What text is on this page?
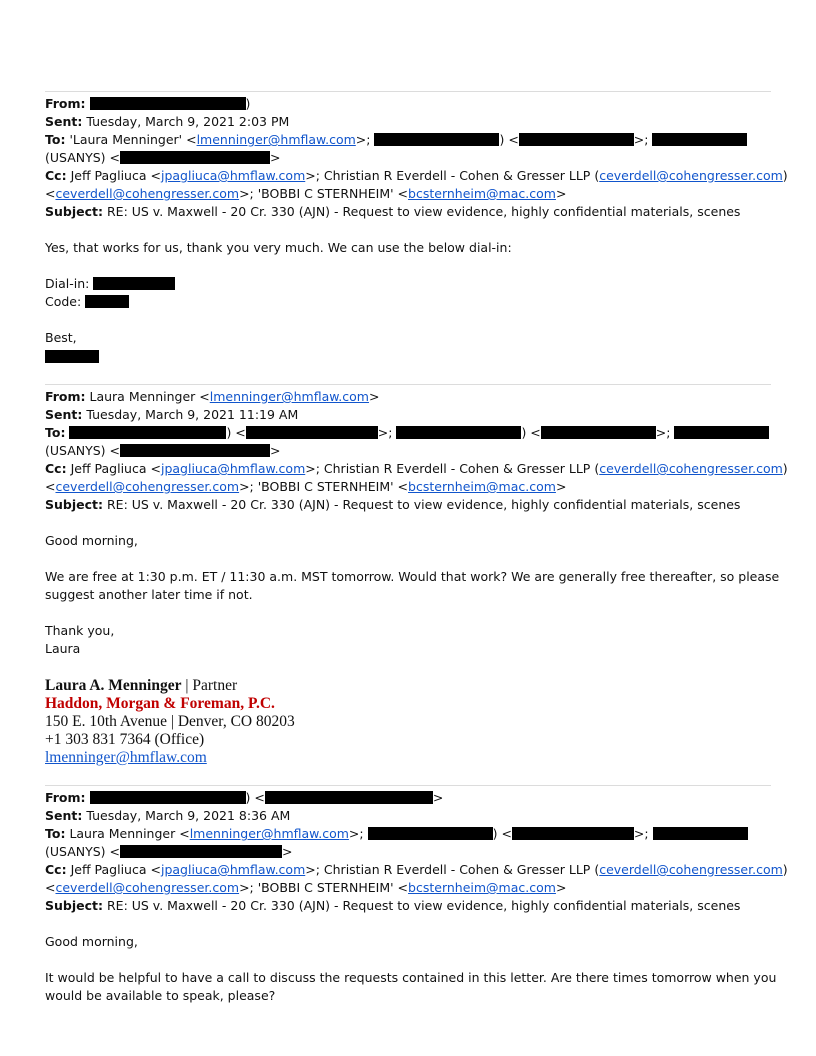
From:	)
Sent: Tuesday, March 9, 2021 2:03 PM
To: 'Laura Menninger' <lmenninger@hmflaw.com>;	) <	>;
(USANYS) <	>
Cc: Jeff Pagliuca <jpagliuca@hmflaw.com>; Christian R Everdell - Cohen & Gresser LLP (ceverdell@cohengresser.com)
<ceverdell@cohengresser.com>; 'BOBBI C STERNHEIM' <bcsternheim@mac.com>
Subject: RE: US v. Maxwell - 20 Cr. 330 (AJN) - Request to view evidence, highly confidential materials, scenes
Yes, that works for us, thank you very much. We can use the below dial-in:
Dial-in:
Code:
Best,
From: Laura Menninger <lmenninger@hmflaw.com>
Sent: Tuesday, March 9, 2021 11:19 AM
To:	) <	>;	) <	>;
(USANYS) <	>
Cc: Jeff Pagliuca <jpagliuca@hmflaw.com>; Christian R Everdell - Cohen & Gresser LLP (ceverdell@cohengresser.com)
<ceverdell@cohengresser.com>; 'BOBBI C STERNHEIM' <bcsternheim@mac.com>
Subject: RE: US v. Maxwell - 20 Cr. 330 (AJN) - Request to view evidence, highly confidential materials, scenes
Good morning,
We are free at 1:30 p.m. ET / 11:30 a.m. MST tomorrow. Would that work? We are generally free thereafter, so please
suggest another later time if not.
Thank you,
Laura
Laura A. Menninger | Partner
Haddon, Morgan & Foreman, P.C.
150 E. 10th Avenue | Denver, CO 80203
+1 303 831 7364 (Office)
lmenninger@hmflaw.com
From:	) <	>
Sent: Tuesday, March 9, 2021 8:36 AM
To: Laura Menninger <lmenninger@hmflaw.com>;	) <	>;
(USANYS) <	>
Cc: Jeff Pagliuca <jpagliuca@hmflaw.com>; Christian R Everdell - Cohen & Gresser LLP (ceverdell@cohengresser.com)
<ceverdell@cohengresser.com>; 'BOBBI C STERNHEIM' <bcsternheim@mac.com>
Subject: RE: US v. Maxwell - 20 Cr. 330 (AJN) - Request to view evidence, highly confidential materials, scenes
Good morning,
It would be helpful to have a call to discuss the requests contained in this letter. Are there times tomorrow when you
would be available to speak, please?
